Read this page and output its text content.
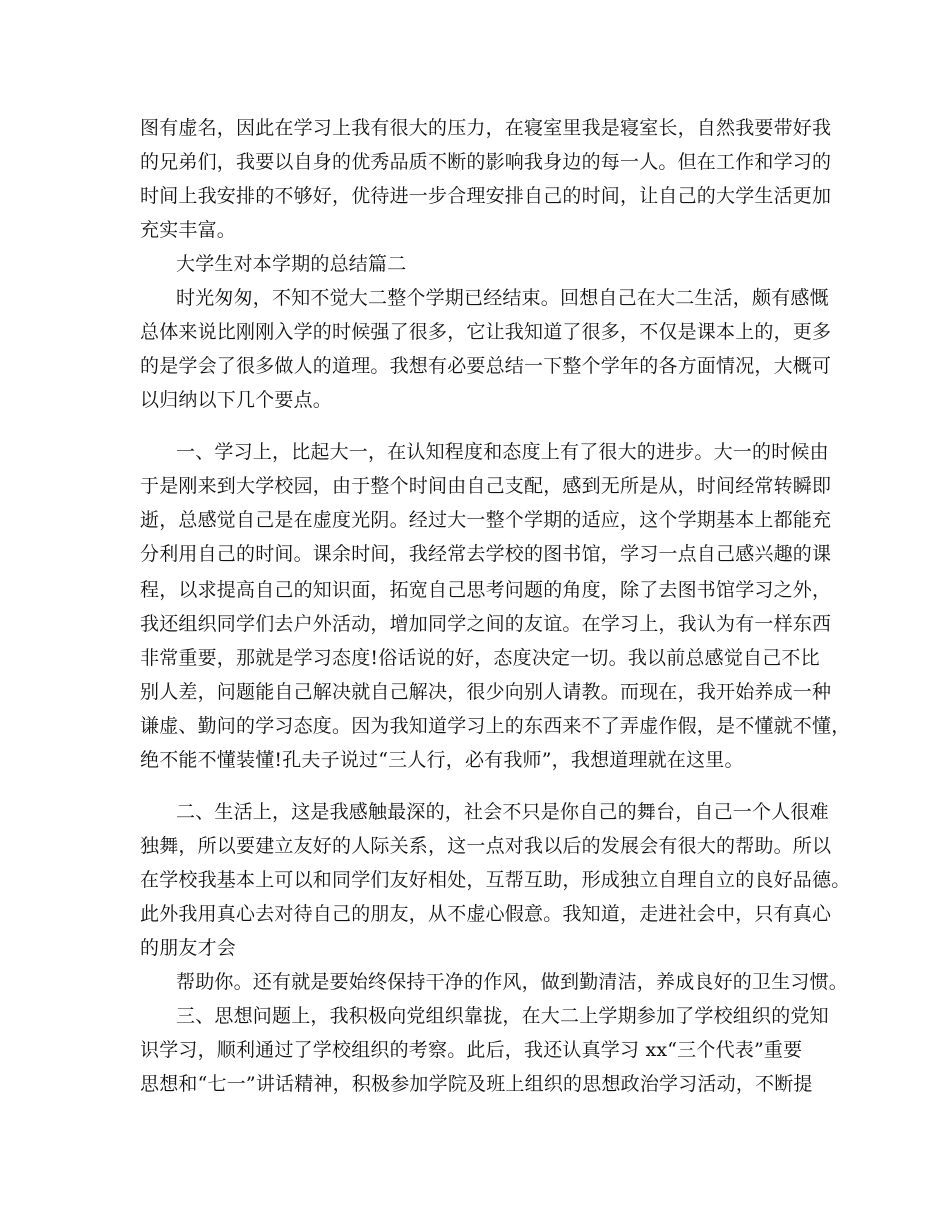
图有虚名，因此在学习上我有很大的压力，在寝室里我是寝室长，自然我要带好我
的兄弟们，我要以自身的优秀品质不断的影响我身边的每一人。但在工作和学习的
时间上我安排的不够好，优待进一步合理安排自己的时间，让自己的大学生活更加
充实丰富。
大学生对本学期的总结篇二
时光匆匆，不知不觉大二整个学期已经结束。回想自己在大二生活，颇有感慨
总体来说比刚刚入学的时候强了很多，它让我知道了很多，不仅是课本上的，更多
的是学会了很多做人的道理。我想有必要总结一下整个学年的各方面情况，大概可
以归纳以下几个要点。
一、学习上，比起大一，在认知程度和态度上有了很大的进步。大一的时候由
于是刚来到大学校园，由于整个时间由自己支配，感到无所是从，时间经常转瞬即
逝，总感觉自己是在虚度光阴。经过大一整个学期的适应，这个学期基本上都能充
分利用自己的时间。课余时间，我经常去学校的图书馆，学习一点自己感兴趣的课
程，以求提高自己的知识面，拓宽自己思考问题的角度，除了去图书馆学习之外，
我还组织同学们去户外活动，增加同学之间的友谊。在学习上，我认为有一样东西
非常重要，那就是学习态度!俗话说的好，态度决定一切。我以前总感觉自己不比
别人差，问题能自己解决就自己解决，很少向别人请教。而现在，我开始养成一种
谦虚、勤问的学习态度。因为我知道学习上的东西来不了弄虚作假，是不懂就不懂，
绝不能不懂装懂!孔夫子说过“三人行，必有我师”，我想道理就在这里。
二、生活上，这是我感触最深的，社会不只是你自己的舞台，自己一个人很难
独舞，所以要建立友好的人际关系，这一点对我以后的发展会有很大的帮助。所以
在学校我基本上可以和同学们友好相处，互帮互助，形成独立自理自立的良好品德。
此外我用真心去对待自己的朋友，从不虚心假意。我知道，走进社会中，只有真心
的朋友才会
帮助你。还有就是要始终保持干净的作风，做到勤清洁，养成良好的卫生习惯。
三、思想问题上，我积极向党组织靠拢，在大二上学期参加了学校组织的党知
识学习，顺利通过了学校组织的考察。此后，我还认真学习 xx“三个代表”重要
思想和“七一”讲话精神，积极参加学院及班上组织的思想政治学习活动，不断提
